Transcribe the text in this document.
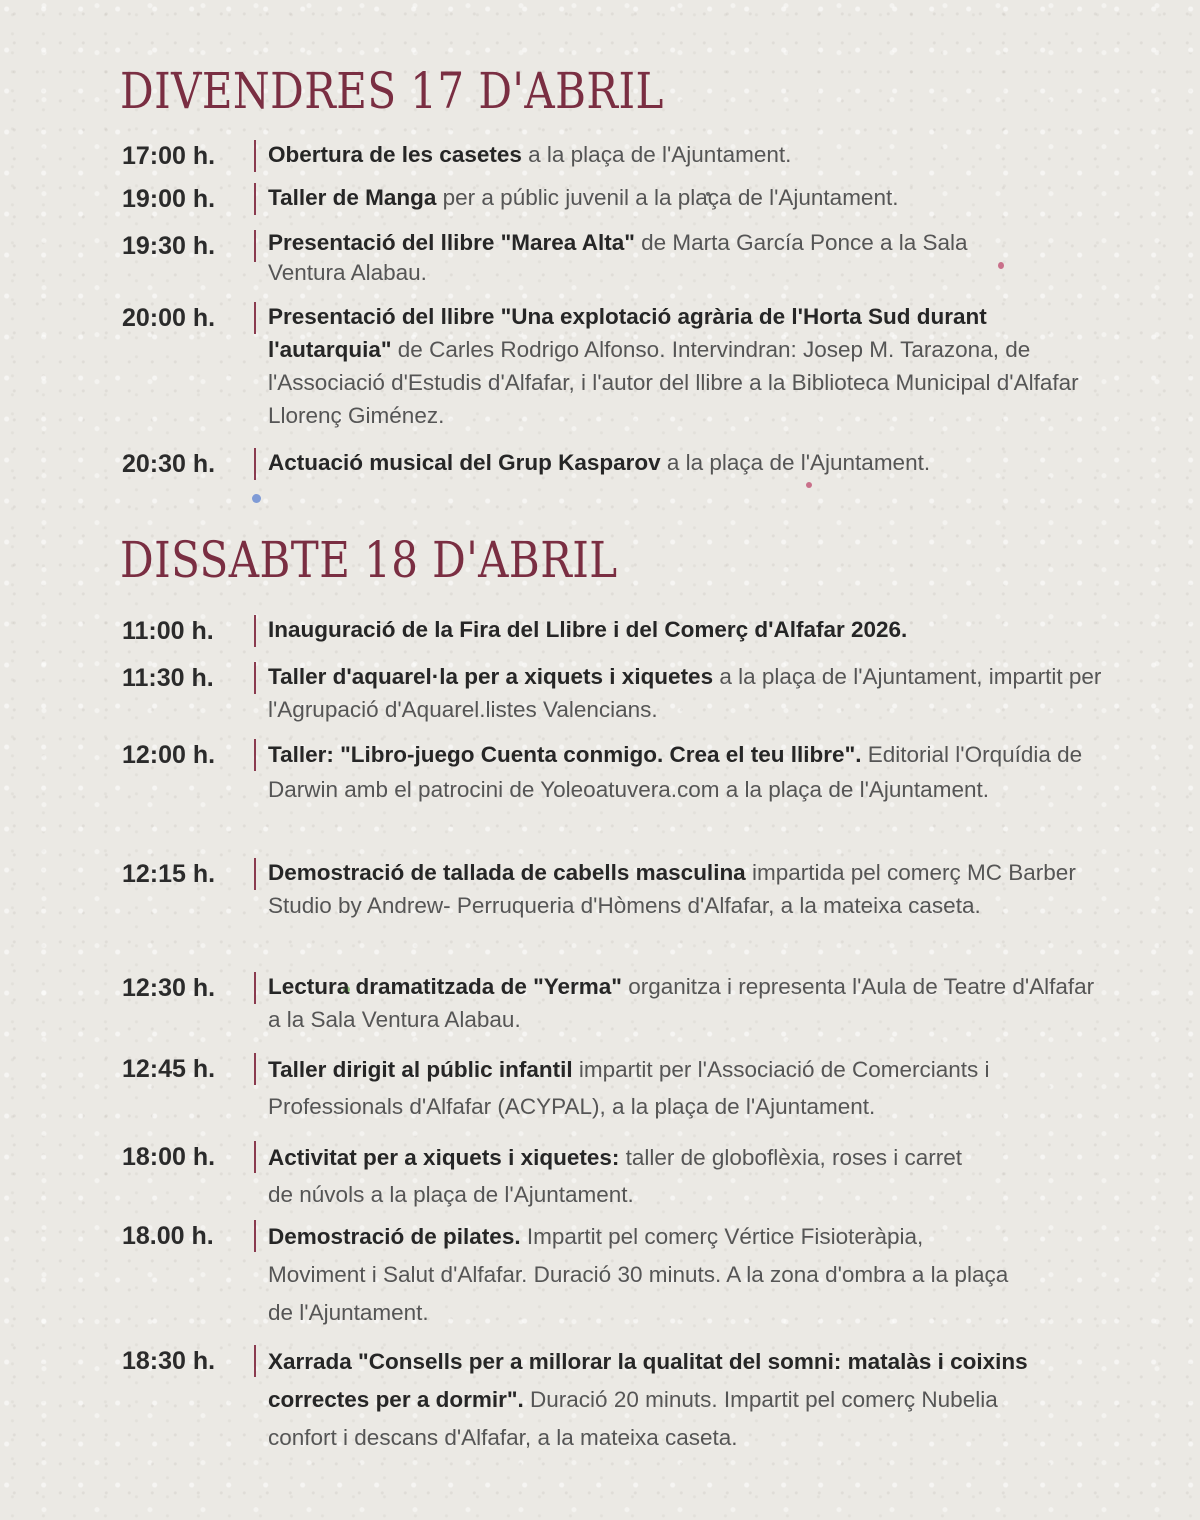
DIVENDRES 17 D'ABRIL
17:00 h.	Obertura de les casetes a la plaça de l'Ajuntament.
19:00 h.	Taller de Manga per a públic juvenil a la plaça de l'Ajuntament.
19:30 h.	Presentació del llibre "Marea Alta" de Marta García Ponce a la Sala Ventura Alabau.
20:00 h.	Presentació del llibre "Una explotació agrària de l'Horta Sud durant l'autarquia" de Carles Rodrigo Alfonso. Intervindran: Josep M. Tarazona, de l'Associació d'Estudis d'Alfafar, i l'autor del llibre a la Biblioteca Municipal d'Alfafar Llorenç Giménez.
20:30 h.	Actuació musical del Grup Kasparov a la plaça de l'Ajuntament.
DISSABTE 18 D'ABRIL
11:00 h.	Inauguració de la Fira del Llibre i del Comerç d'Alfafar 2026.
11:30 h.	Taller d'aquarel·la per a xiquets i xiquetes a la plaça de l'Ajuntament, impartit per l'Agrupació d'Aquarel.listes Valencians.
12:00 h.	Taller: "Libro-juego Cuenta conmigo. Crea el teu llibre". Editorial l'Orquídia de Darwin amb el patrocini de Yoleoatuvera.com a la plaça de l'Ajuntament.
12:15 h.	Demostració de tallada de cabells masculina impartida pel comerç MC Barber Studio by Andrew- Perruqueria d'Hòmens d'Alfafar, a la mateixa caseta.
12:30 h.	Lectura dramatitzada de "Yerma" organitza i representa l'Aula de Teatre d'Alfafar a la Sala Ventura Alabau.
12:45 h.	Taller dirigit al públic infantil impartit per l'Associació de Comerciants i Professionals d'Alfafar (ACYPAL), a la plaça de l'Ajuntament.
18:00 h.	Activitat per a xiquets i xiquetes: taller de globoflèxia, roses i carret de núvols a la plaça de l'Ajuntament.
18.00 h.	Demostració de pilates. Impartit pel comerç Vértice Fisioteràpia, Moviment i Salut d'Alfafar. Duració 30 minuts. A la zona d'ombra a la plaça de l'Ajuntament.
18:30 h.	Xarrada "Consells per a millorar la qualitat del somni: matalàs i coixins correctes per a dormir". Duració 20 minuts. Impartit pel comerç Nubelia confort i descans d'Alfafar, a la mateixa caseta.
